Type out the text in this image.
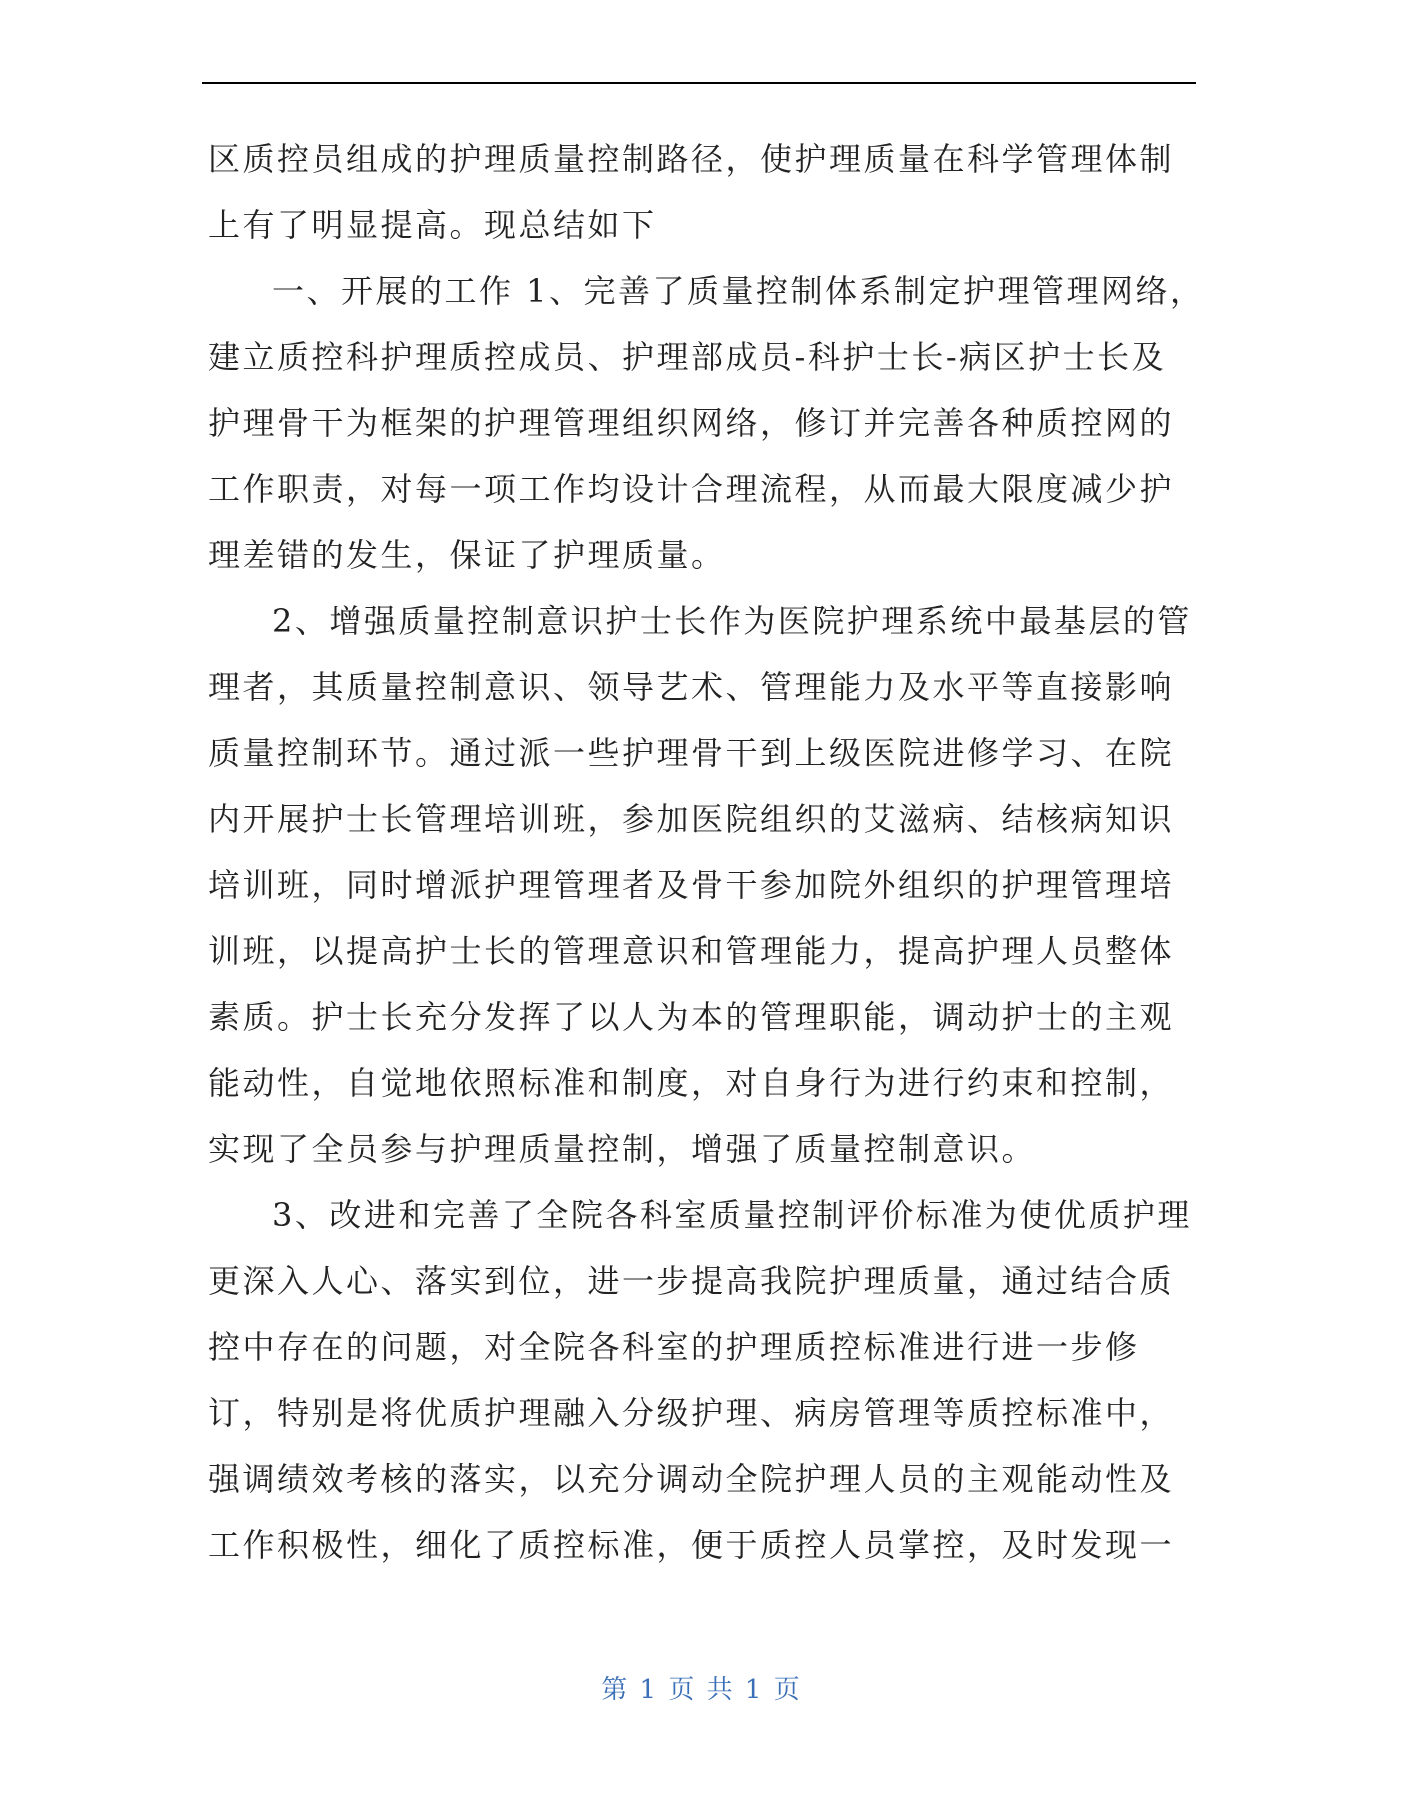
区质控员组成的护理质量控制路径，使护理质量在科学管理体制
上有了明显提高。现总结如下
一、开展的工作 1、完善了质量控制体系制定护理管理网络，
建立质控科护理质控成员、护理部成员-科护士长-病区护士长及
护理骨干为框架的护理管理组织网络，修订并完善各种质控网的
工作职责，对每一项工作均设计合理流程，从而最大限度减少护
理差错的发生，保证了护理质量。
2、增强质量控制意识护士长作为医院护理系统中最基层的管
理者，其质量控制意识、领导艺术、管理能力及水平等直接影响
质量控制环节。通过派一些护理骨干到上级医院进修学习、在院
内开展护士长管理培训班，参加医院组织的艾滋病、结核病知识
培训班，同时增派护理管理者及骨干参加院外组织的护理管理培
训班，以提高护士长的管理意识和管理能力，提高护理人员整体
素质。护士长充分发挥了以人为本的管理职能，调动护士的主观
能动性，自觉地依照标准和制度，对自身行为进行约束和控制，
实现了全员参与护理质量控制，增强了质量控制意识。
3、改进和完善了全院各科室质量控制评价标准为使优质护理
更深入人心、落实到位，进一步提高我院护理质量，通过结合质
控中存在的问题，对全院各科室的护理质控标准进行进一步修
订，特别是将优质护理融入分级护理、病房管理等质控标准中，
强调绩效考核的落实，以充分调动全院护理人员的主观能动性及
工作积极性，细化了质控标准，便于质控人员掌控，及时发现一
第 1 页 共 1 页
